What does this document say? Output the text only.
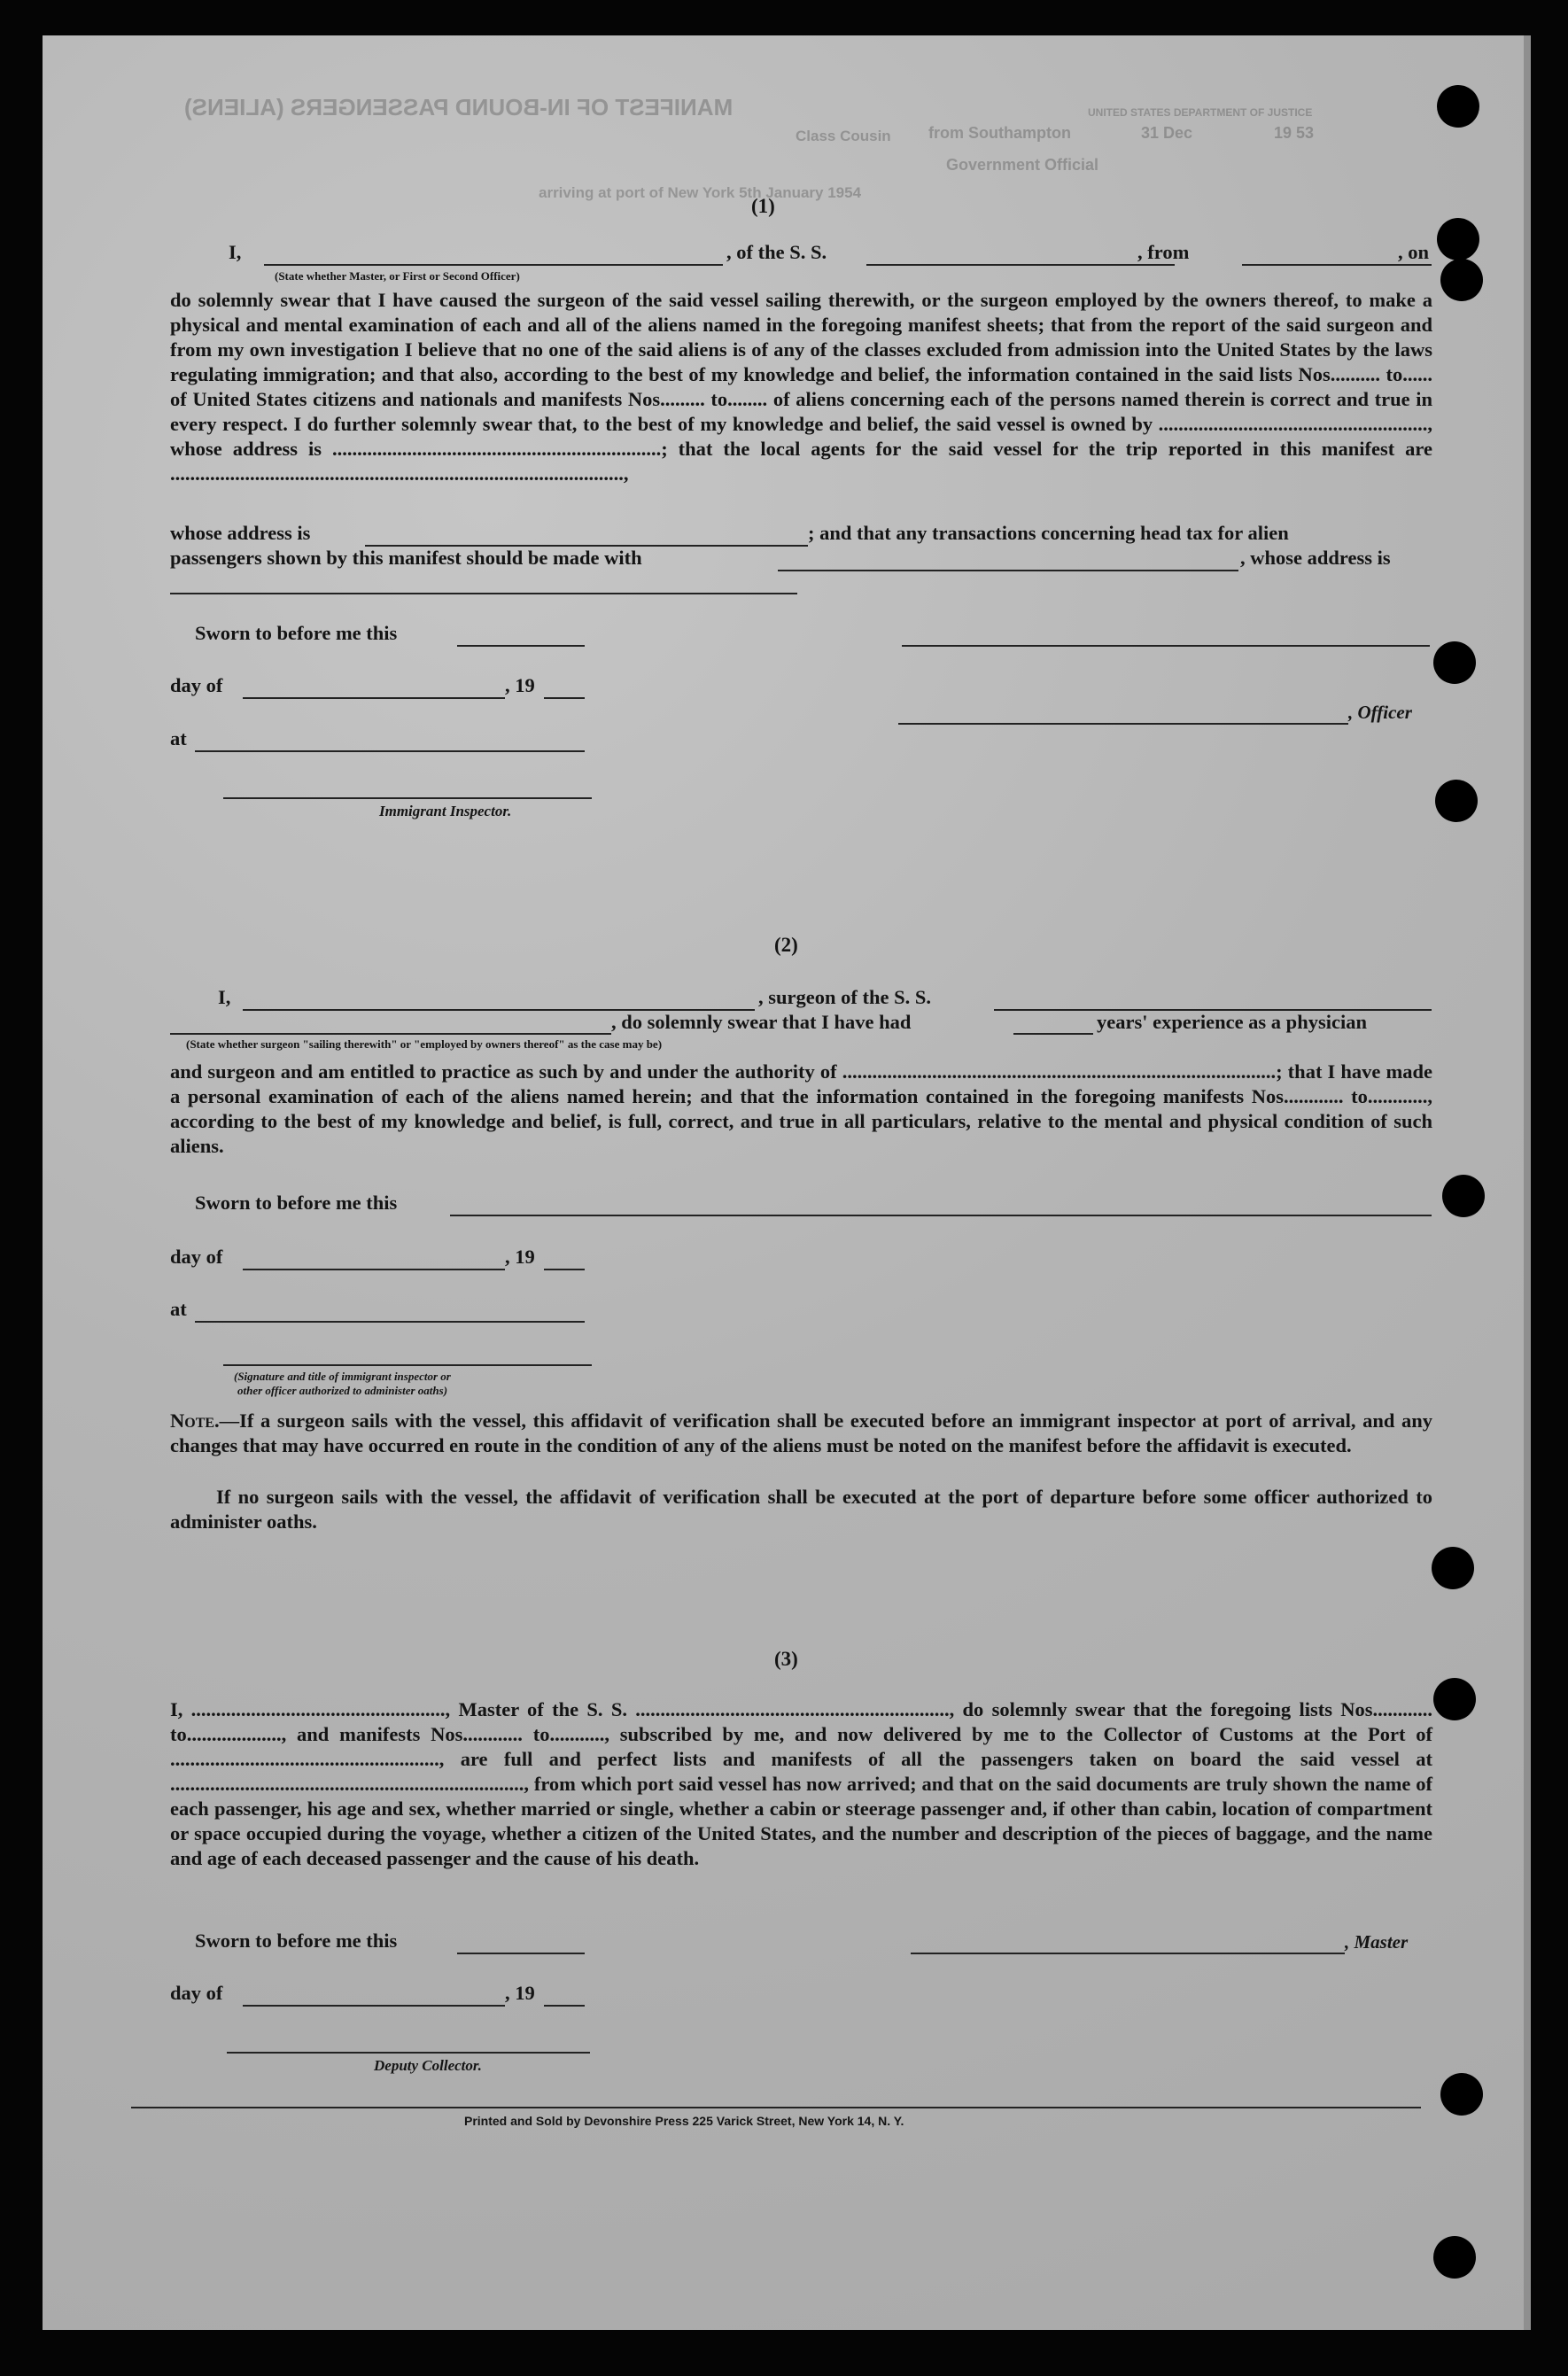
MANIFEST OF IN-BOUND PASSENGERS (ALIENS)
Class Cousin from Southampton	31 Dec	19 53
arriving at port of New York 5th January 1954
Government Official
UNITED STATES DEPARTMENT OF JUSTICE
(1)
I,	, of the S. S.	, from	, on
(State whether Master, or First or Second Officer)
do solemnly swear that I have caused the surgeon of the said vessel sailing therewith, or the surgeon employed by the owners thereof, to make a physical and mental examination of each and all of the aliens named in the foregoing manifest sheets; that from the report of the said surgeon and from my own investigation I believe that no one of the said aliens is of any of the classes excluded from admission into the United States by the laws regulating immigration; and that also, according to the best of my knowledge and belief, the information contained in the said lists Nos.......... to...... of United States citizens and nationals and manifests Nos......... to........ of aliens concerning each of the persons named therein is correct and true in every respect. I do further solemnly swear that, to the best of my knowledge and belief, the said vessel is owned by ......................................................, whose address is ..................................................................; that the local agents for the said vessel for the trip reported in this manifest are ...........................................................................................,
whose address is	; and that any transactions concerning head tax for alien
passengers shown by this manifest should be made with	, whose address is
Sworn to before me this
day of	, 19
, Officer
at
Immigrant Inspector.
(2)
I,	, surgeon of the S. S.
, do solemnly swear that I have had	years' experience as a physician
(State whether surgeon "sailing therewith" or "employed by owners thereof" as the case may be)
and surgeon and am entitled to practice as such by and under the authority of .......................................................................................; that I have made a personal examination of each of the aliens named herein; and that the information contained in the foregoing manifests Nos............ to............, according to the best of my knowledge and belief, is full, correct, and true in all particulars, relative to the mental and physical condition of such aliens.
Sworn to before me this
day of	, 19
at
(Signature and title of immigrant inspector or
other officer authorized to administer oaths)
Note.—If a surgeon sails with the vessel, this affidavit of verification shall be executed before an immigrant inspector at port of arrival, and any changes that may have occurred en route in the condition of any of the aliens must be noted on the manifest before the affidavit is executed.
If no surgeon sails with the vessel, the affidavit of verification shall be executed at the port of departure before some officer authorized to administer oaths.
(3)
I, ..................................................., Master of the S. S. ..............................................................., do solemnly swear that the foregoing lists Nos............ to..................., and manifests Nos............ to..........., subscribed by me, and now delivered by me to the Collector of Customs at the Port of ......................................................, are full and perfect lists and manifests of all the passengers taken on board the said vessel at ......................................................................., from which port said vessel has now arrived; and that on the said documents are truly shown the name of each passenger, his age and sex, whether married or single, whether a cabin or steerage passenger and, if other than cabin, location of compartment or space occupied during the voyage, whether a citizen of the United States, and the number and description of the pieces of baggage, and the name and age of each deceased passenger and the cause of his death.
Sworn to before me this	, Master
day of	, 19
Deputy Collector.
Printed and Sold by Devonshire Press 225 Varick Street, New York 14, N. Y.
